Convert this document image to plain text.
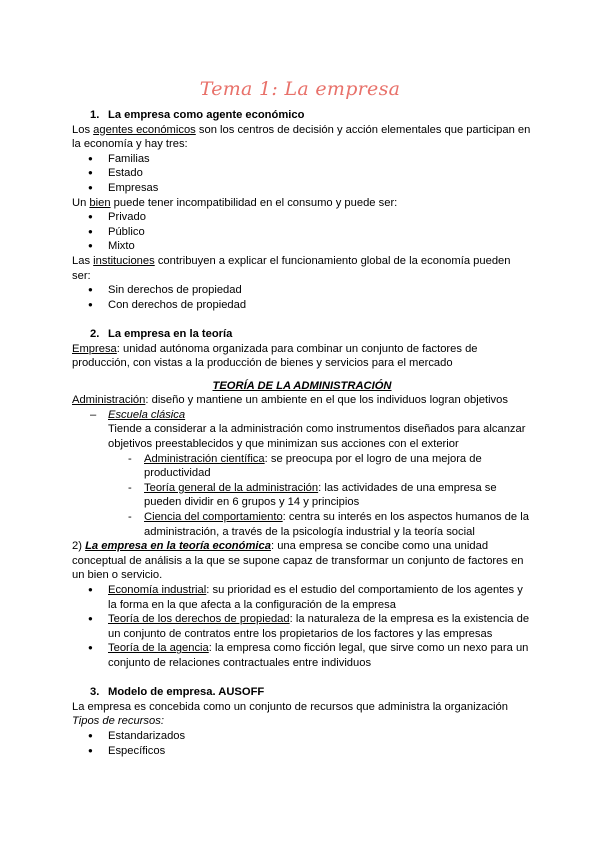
Tema 1: La empresa

1. La empresa como agente económico

Los agentes económicos son los centros de decisión y acción elementales que participan en la economía y hay tres:

● Familias
● Estado
● Empresas

Un bien puede tener incompatibilidad en el consumo y puede ser:

● Privado
● Público
● Mixto

Las instituciones contribuyen a explicar el funcionamiento global de la economía pueden ser:

● Sin derechos de propiedad
● Con derechos de propiedad

2. La empresa en la teoría

Empresa: unidad autónoma organizada para combinar un conjunto de factores de producción, con vistas a la producción de bienes y servicios para el mercado

TEORÍA DE LA ADMINISTRACIÓN

Administración: diseño y mantiene un ambiente en el que los individuos logran objetivos

– Escuela clásica

Tiende a considerar a la administración como instrumentos diseñados para alcanzar objetivos preestablecidos y que minimizan sus acciones con el exterior

- Administración científica: se preocupa por el logro de una mejora de productividad

- Teoría general de la administración: las actividades de una empresa se pueden dividir en 6 grupos y 14 y principios

- Ciencia del comportamiento: centra su interés en los aspectos humanos de la administración, a través de la psicología industrial y la teoría social

2) La empresa en la teoría económica: una empresa se concibe como una unidad conceptual de análisis a la que se supone capaz de transformar un conjunto de factores en un bien o servicio.

● Economía industrial: su prioridad es el estudio del comportamiento de los agentes y la forma en la que afecta a la configuración de la empresa
● Teoría de los derechos de propiedad: la naturaleza de la empresa es la existencia de un conjunto de contratos entre los propietarios de los factores y las empresas
● Teoría de la agencia: la empresa como ficción legal, que sirve como un nexo para un conjunto de relaciones contractuales entre individuos

3. Modelo de empresa. AUSOFF

La empresa es concebida como un conjunto de recursos que administra la organización

Tipos de recursos:

● Estandarizados
● Específicos
